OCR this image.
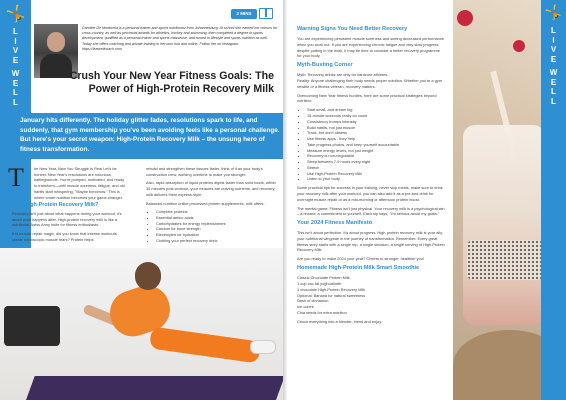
🤸
L
I
V
E
W
E
L
L
2 MINS
Caroline De Mordomia is a personal trainer and sports nutritionist from Johannesburg. At school she earned her colours for cross-country, as well as provincial awards for athletics, hockey and swimming, then completed a degree in sports development, qualified as a personal trainer and sports masseuse, and turned to lifestyle and sports nutrition as well. Today she offers coaching and private training in her own hub and online. Follow her on Instagram: https://livewellcoach.com
Crush Your New Year Fitness Goals: The Power of High-Protein Recovery Milk
January hits differently. The holiday glitter fades, resolutions spark to life, and suddenly, that gym membership you've been avoiding feels like a personal challenge. But here's your secret weapon: High-Protein Recovery Milk – the unsung hero of fitness transformation.
T	he New Year, New You Struggle Is Real Let's be honest: New Year's resolutions are notorious battlegrounds. You're pumped, motivated, and ready to transform—until muscle soreness, fatigue, and old habits start whispering, "Maybe tomorrow." This is where smart nutrition becomes your game-changer.

Why High-Protein Recovery Milk?

Recovery isn't just about what happens during your workout, it's about what happens after. High-protein recovery milk is like a nutritional Swiss Army knife for fitness enthusiasts.

It is muscle repair magic, did you know that intense workouts create microscopic muscle tears? Protein helps

rebuild and strengthen these tissues faster, think of it as your body's construction crew, working overtime to make you stronger.

Also, rapid absorption of liquid proteins digest faster than solid foods, within 30 minutes post-workout, your muscles are craving nutrients, and recovery milk delivers them express-style.

Balanced nutrition unlike processed protein supplements, milk offers:

• Complete proteins
• Essential amino acids
• Carbohydrates for energy replenishment
• Calcium for bone strength
• Electrolytes for hydration
• Clothing your perfect recovery drink
Warning Signs You Need Better Recovery

You are experiencing persistent muscle soreness and seeing decreased performance when you work out. If you are experiencing chronic fatigue and very slow progress despite putting in the work, it may be time to consider a better recovery programme for your body.

Myth-Busting Corner

Myth: Recovery drinks are only for hardcore athletes.
Reality: Anyone challenging their body needs proper nutrition. Whether you're a gym newbie or a fitness veteran, recovery matters.

Overcoming New Year fitness hurdles, here are some practical strategies beyond nutrition:

• Start small, and dream big
• 15-minute workouts really do count
• Consistency trumps intensity
• Build habits, not just muscle
• Track, but don't obsess
• Use fitness apps - they help
• Take progress photos, and keep yourself accountable
• Measure energy levels, not just weight
• Recovery is non-negotiable
• Sleep between 7-9 hours every night
• Stretch
• Use High-Protein Recovery Milk
• Listen to your body

Some practical tips for success in your training, never skip meals, make sure to drink your recovery milk after your workout, you can also add it as a pre-bed drink for overnight muscle repair or as a mid-morning or afternoon protein boost.

The mental game: Fitness isn't just physical. Your recovery milk is a psychological win – a reward, a commitment to yourself. Each sip says, "I'm serious about my goals."

Your 2024 Fitness Manifesto

This isn't about perfection. It's about progress. High-protein recovery milk is your ally, your nutritional wingman in the journey of transformation. Remember: Every great fitness story starts with a single rep, a single decision, a single serving of High-Protein Recovery Milk.

Are you ready to make 2024 your year? Cheers to stronger, healthier you!

Homemade High-Protein Milk Smart Smoothie
Classic Chocolate Protein Milk
1 cup low-fat yoghurt/kefir
1 chocolate High-Protein Recovery Milk
Optional: Banana for natural sweetness
Dash of cinnamon
Ice cubes
Chia seeds for extra nutrition

Chuck everything into a blender, blend and enjoy.

🤸
L
I
V
E
W
E
L
L
